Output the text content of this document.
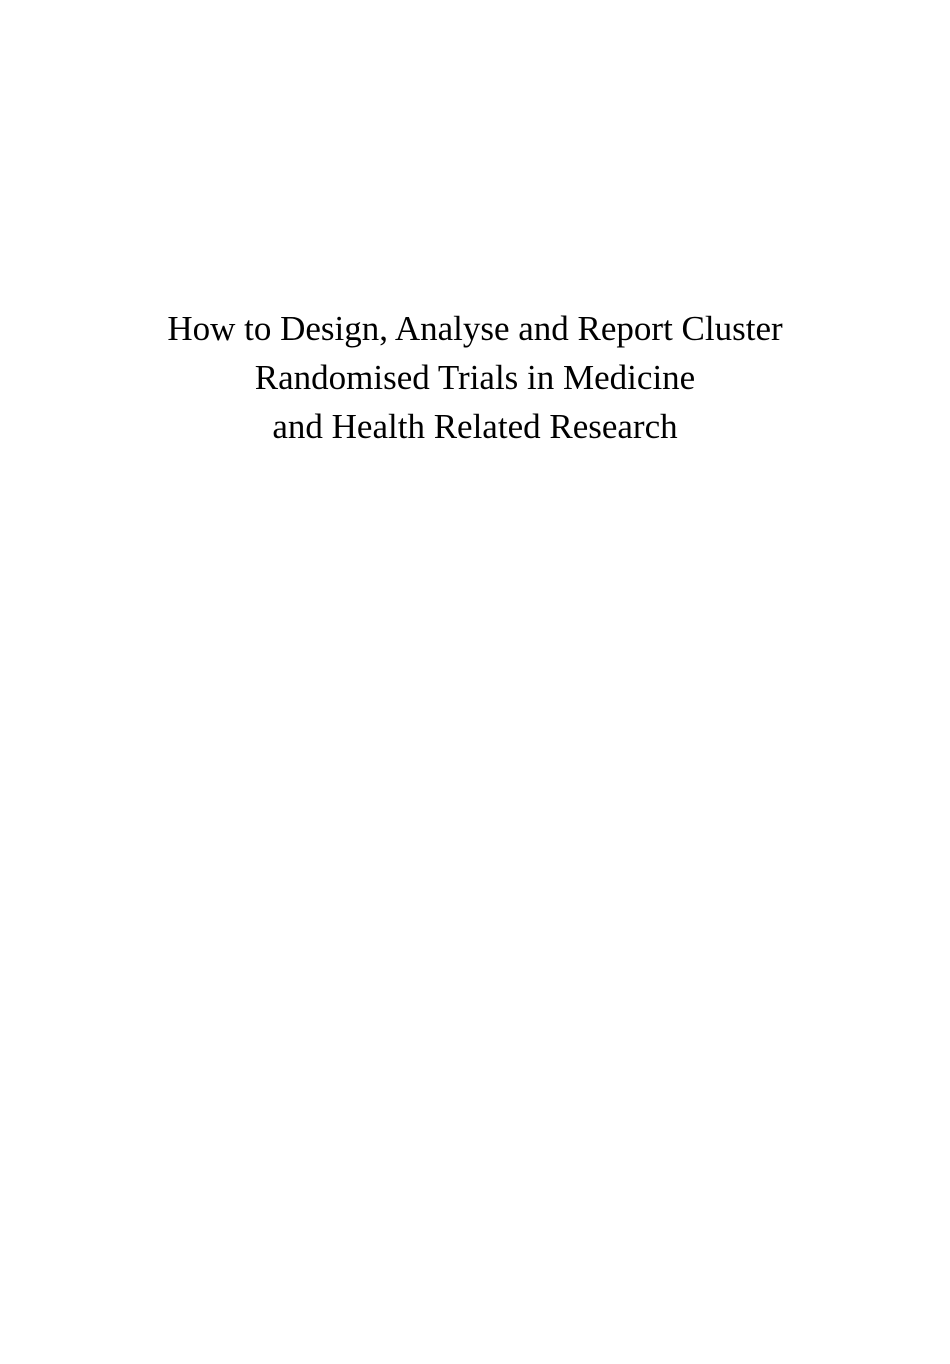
How to Design, Analyse and Report Cluster
Randomised Trials in Medicine
and Health Related Research
